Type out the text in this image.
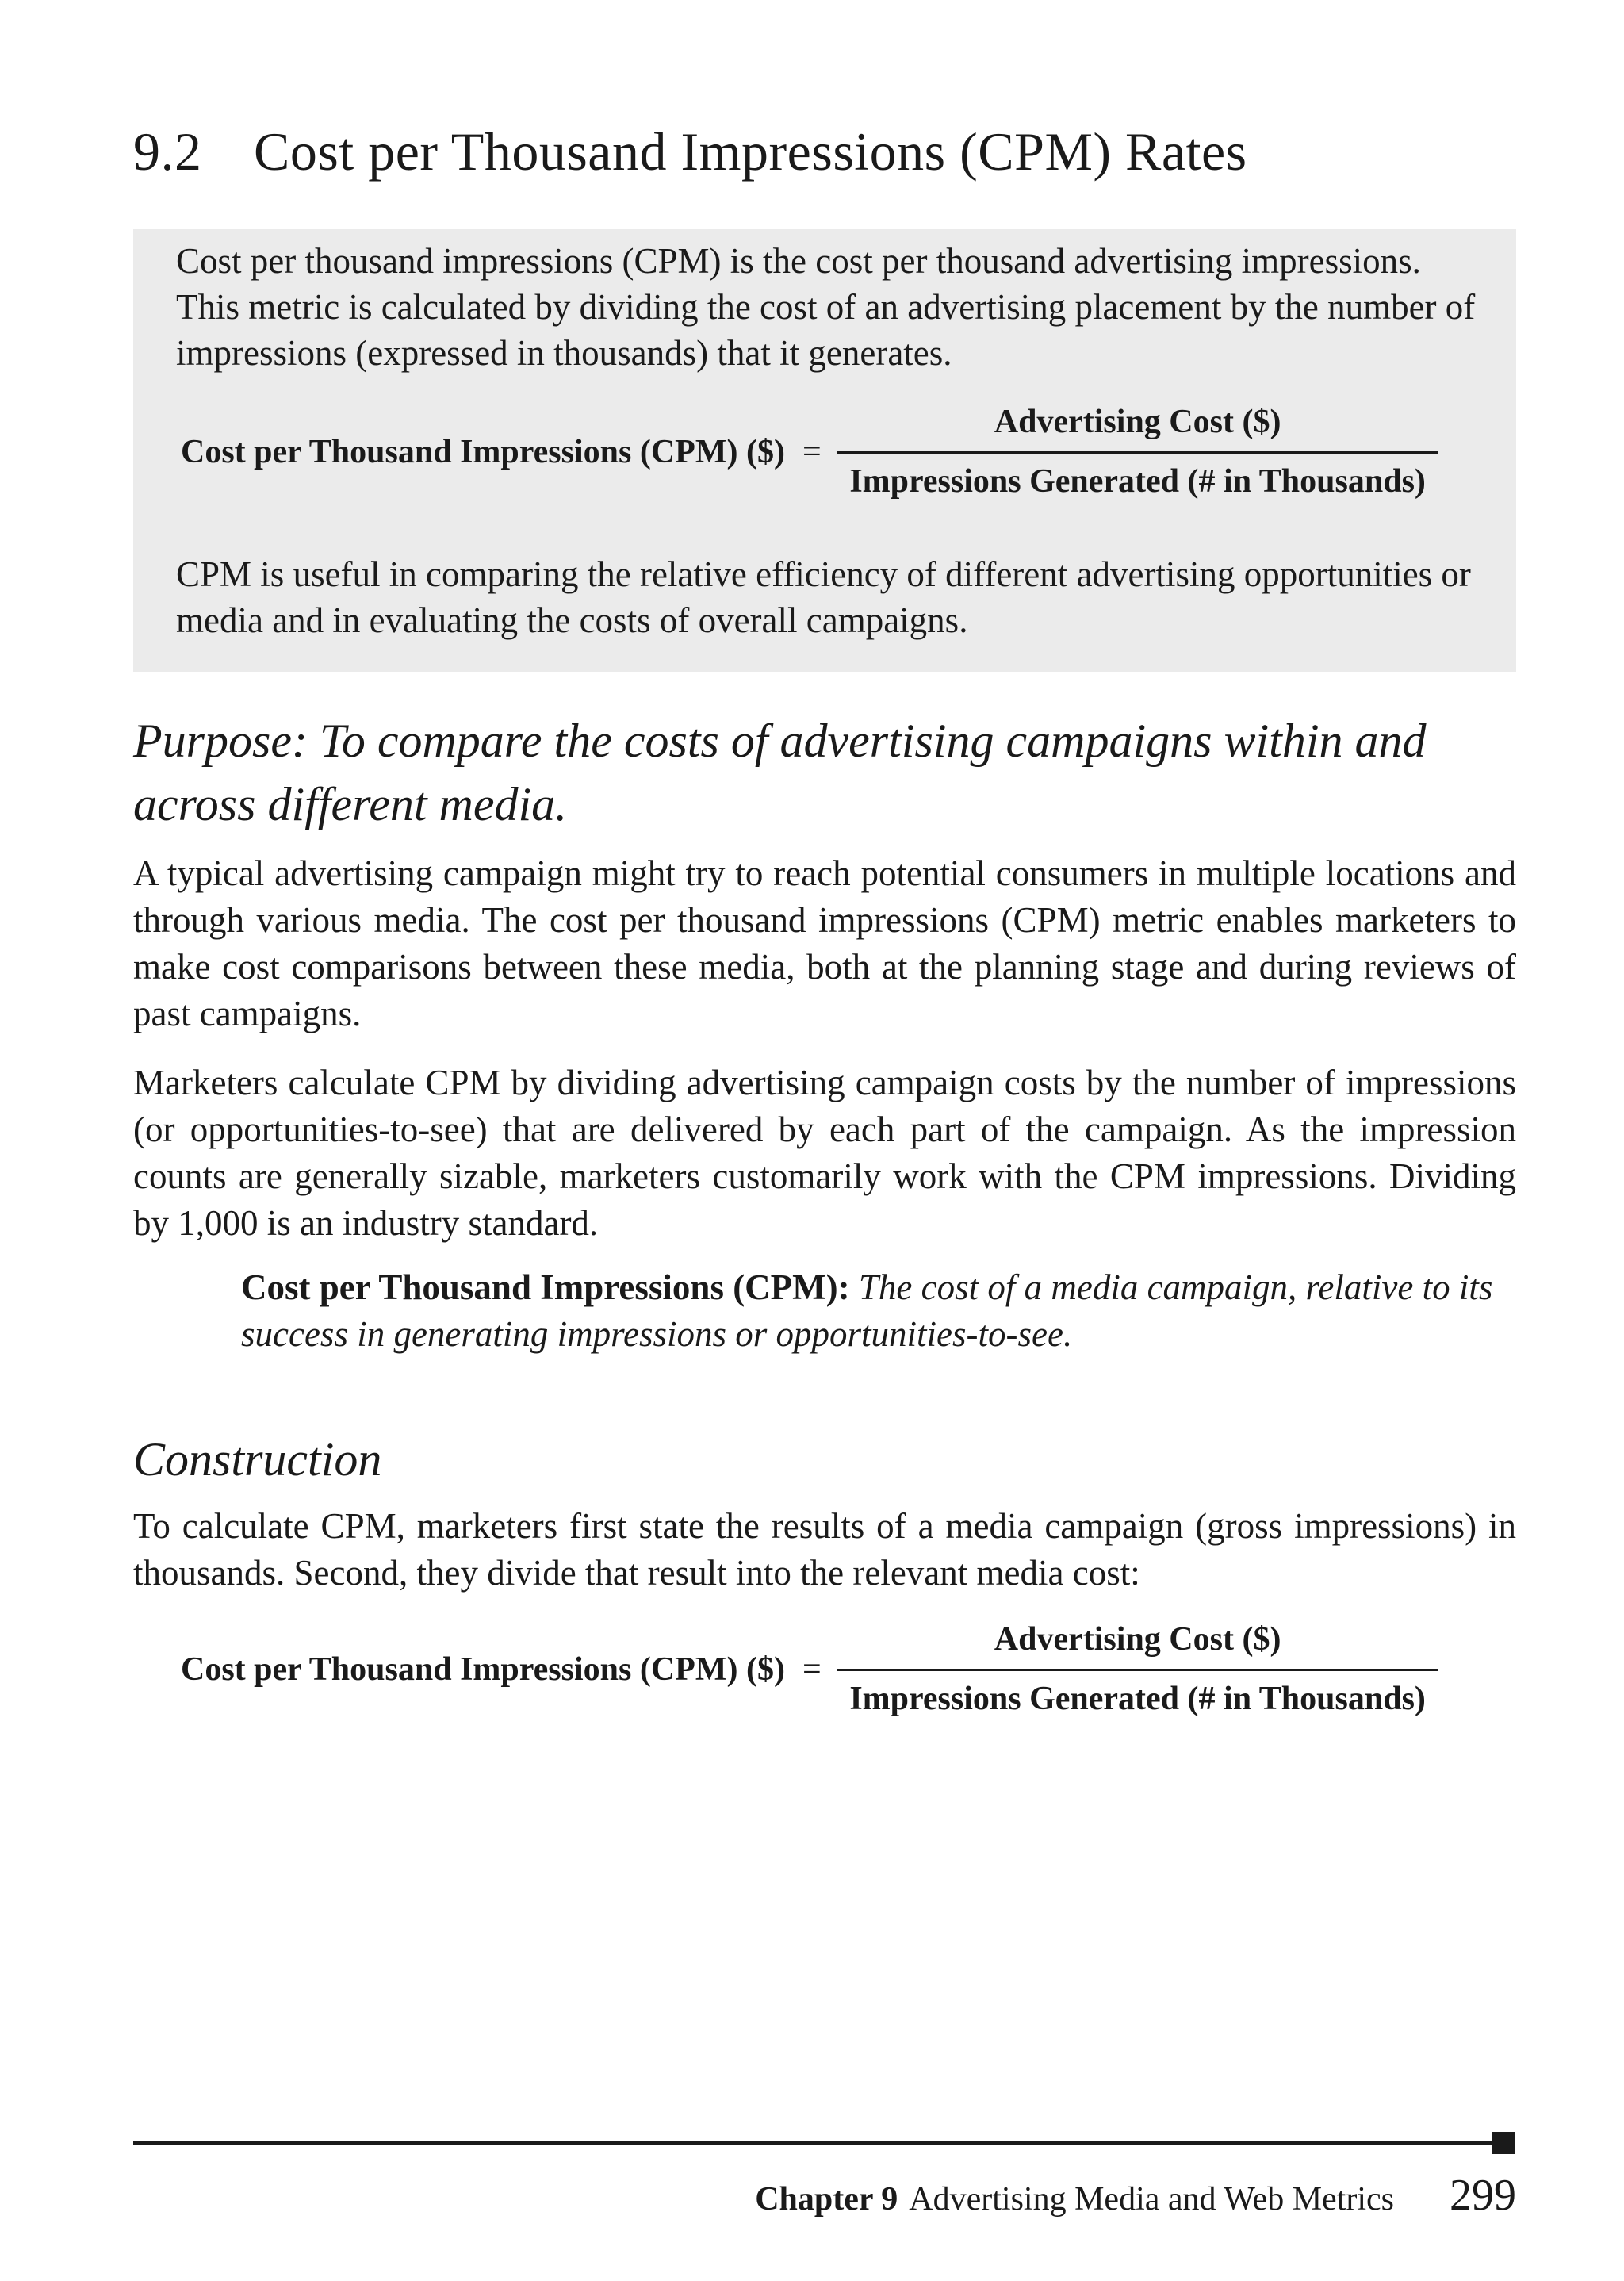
9.2 Cost per Thousand Impressions (CPM) Rates

Cost per thousand impressions (CPM) is the cost per thousand advertising impressions. This metric is calculated by dividing the cost of an advertising placement by the number of impressions (expressed in thousands) that it generates.

Cost per Thousand Impressions (CPM) ($) = $\frac{\text{Advertising Cost (\$)}}{\text{Impressions Generated (\# in Thousands)}}$

CPM is useful in comparing the relative efficiency of different advertising opportunities or media and in evaluating the costs of overall campaigns.

Purpose: To compare the costs of advertising campaigns within and across different media.

A typical advertising campaign might try to reach potential consumers in multiple locations and through various media. The cost per thousand impressions (CPM) metric enables marketers to make cost comparisons between these media, both at the planning stage and during reviews of past campaigns.

Marketers calculate CPM by dividing advertising campaign costs by the number of impressions (or opportunities-to-see) that are delivered by each part of the campaign. As the impression counts are generally sizable, marketers customarily work with the CPM impressions. Dividing by 1,000 is an industry standard.

Cost per Thousand Impressions (CPM): The cost of a media campaign, relative to its success in generating impressions or opportunities-to-see.

Construction

To calculate CPM, marketers first state the results of a media campaign (gross impressions) in thousands. Second, they divide that result into the relevant media cost:

Cost per Thousand Impressions (CPM) ($) = $\frac{\text{Advertising Cost (\$)}}{\text{Impressions Generated (\# in Thousands)}}$
Chapter 9 Advertising Media and Web Metrics 299
